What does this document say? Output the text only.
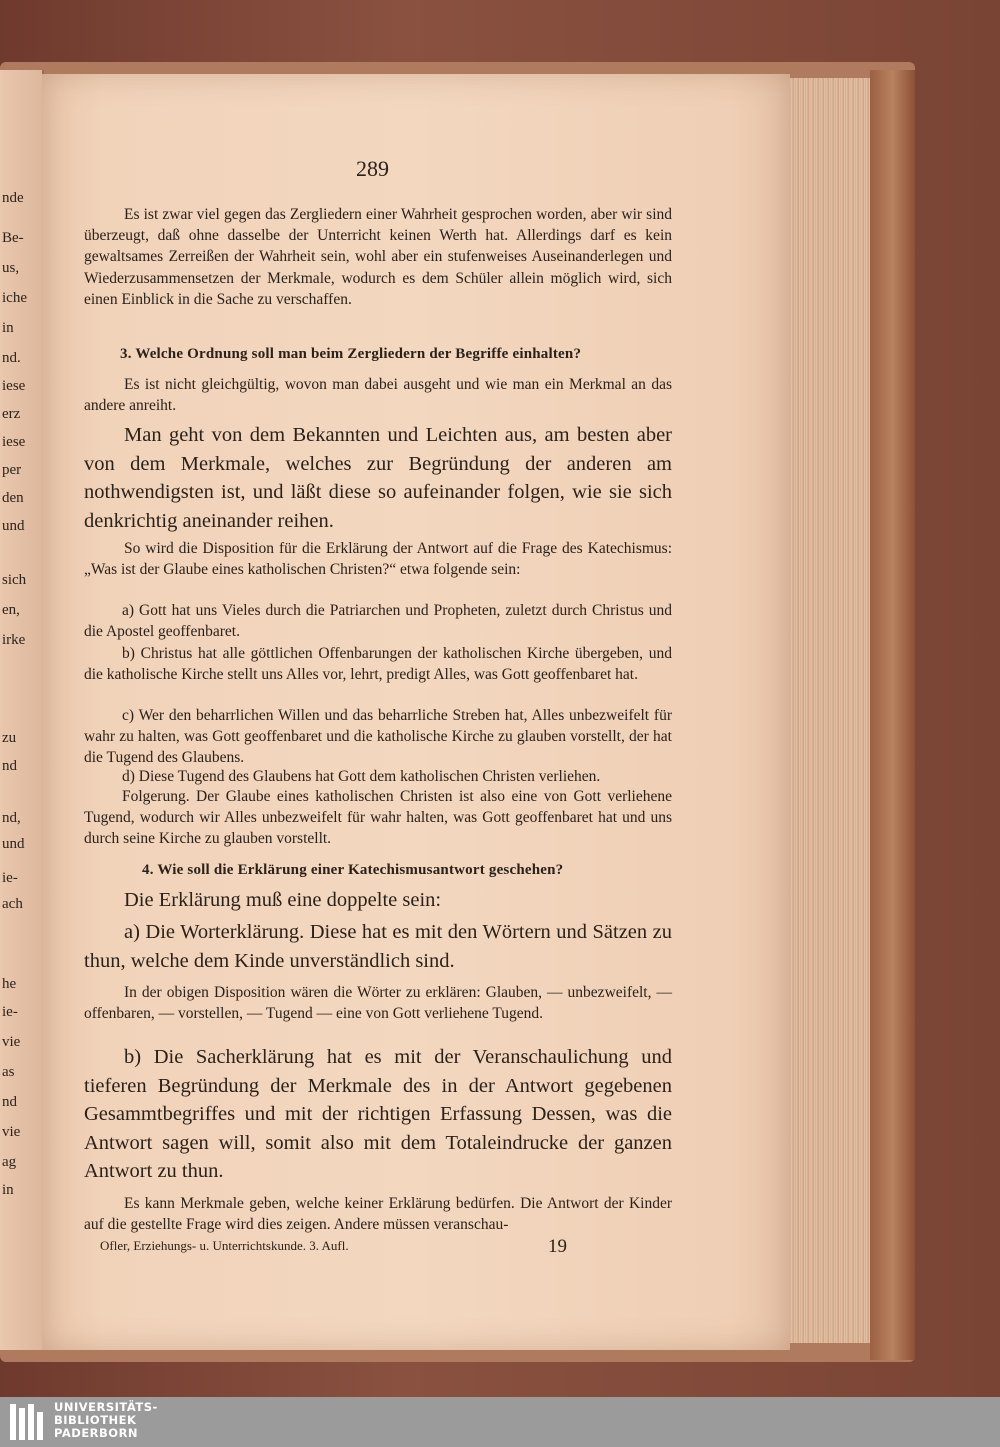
nde
Be-
us,
iche
in
nd.
iese
erz
iese
per
den
und
sich
en,
irke
zu
nd
nd,
und
ie-
ach
he
ie-
vie
as
nd
vie
ag
in
289
Es ist zwar viel gegen das Zergliedern einer Wahrheit gesprochen worden, aber wir sind überzeugt, daß ohne dasselbe der Unterricht keinen Werth hat. Allerdings darf es kein gewaltsames Zerreißen der Wahrheit sein, wohl aber ein stufenweises Auseinanderlegen und Wiederzusammensetzen der Merkmale, wodurch es dem Schüler allein möglich wird, sich einen Einblick in die Sache zu verschaffen.
3. Welche Ordnung soll man beim Zergliedern der Begriffe einhalten?
Es ist nicht gleichgültig, wovon man dabei ausgeht und wie man ein Merkmal an das andere anreiht.
Man geht von dem Bekannten und Leichten aus, am besten aber von dem Merkmale, welches zur Begründung der anderen am nothwendigsten ist, und läßt diese so aufeinander folgen, wie sie sich denkrichtig aneinander reihen.
So wird die Disposition für die Erklärung der Antwort auf die Frage des Katechismus: „Was ist der Glaube eines katholischen Christen?“ etwa folgende sein:
a) Gott hat uns Vieles durch die Patriarchen und Propheten, zuletzt durch Christus und die Apostel geoffenbaret.
b) Christus hat alle göttlichen Offenbarungen der katholischen Kirche übergeben, und die katholische Kirche stellt uns Alles vor, lehrt, predigt Alles, was Gott geoffenbaret hat.
c) Wer den beharrlichen Willen und das beharrliche Streben hat, Alles unbezweifelt für wahr zu halten, was Gott geoffenbaret und die katholische Kirche zu glauben vorstellt, der hat die Tugend des Glaubens.
d) Diese Tugend des Glaubens hat Gott dem katholischen Christen verliehen.
Folgerung. Der Glaube eines katholischen Christen ist also eine von Gott verliehene Tugend, wodurch wir Alles unbezweifelt für wahr halten, was Gott geoffenbaret hat und uns durch seine Kirche zu glauben vorstellt.
4. Wie soll die Erklärung einer Katechismusantwort geschehen?
Die Erklärung muß eine doppelte sein:
a) Die Worterklärung. Diese hat es mit den Wörtern und Sätzen zu thun, welche dem Kinde unverständlich sind.
In der obigen Disposition wären die Wörter zu erklären: Glauben, — unbezweifelt, — offenbaren, — vorstellen, — Tugend — eine von Gott verliehene Tugend.
b) Die Sacherklärung hat es mit der Veranschaulichung und tieferen Begründung der Merkmale des in der Antwort gegebenen Gesammtbegriffes und mit der richtigen Erfassung Dessen, was die Antwort sagen will, somit also mit dem Totaleindrucke der ganzen Antwort zu thun.
Es kann Merkmale geben, welche keiner Erklärung bedürfen. Die Antwort der Kinder auf die gestellte Frage wird dies zeigen. Andere müssen veranschau-
Ofler, Erziehungs- u. Unterrichtskunde. 3. Aufl.	19
UNIVERSITÄTS-
BIBLIOTHEK
PADERBORN
